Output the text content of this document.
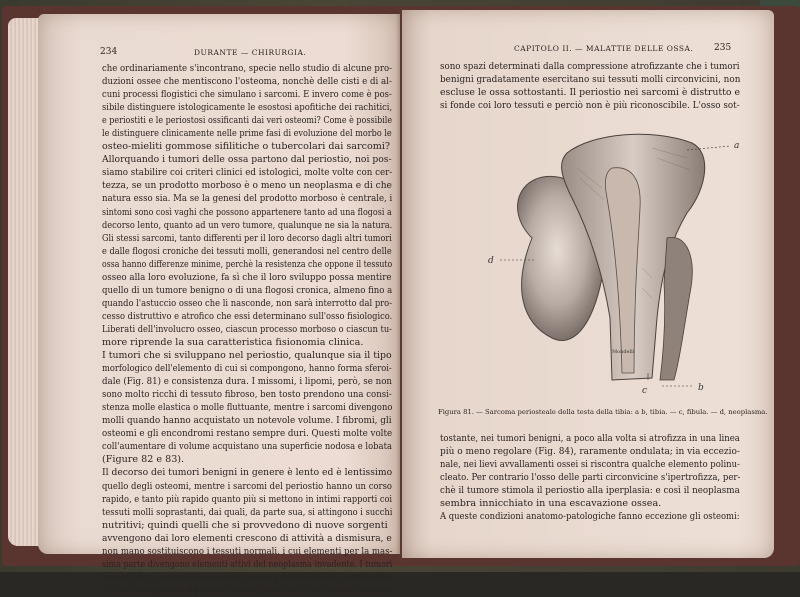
234	DURANTE — CHIRURGIA.
che ordinariamente s'incontrano, specie nello studio di alcune pro-
duzioni ossee che mentiscono l'osteoma, nonchè delle cisti e di al-
cuni processi flogistici che simulano i sarcomi. E invero come è pos-
sibile distinguere istologicamente le esostosi apofitiche dei rachitici,
e periostiti e le periostosi ossificanti dai veri osteomi? Come è possibile
le distinguere clinicamente nelle prime fasi di evoluzione del morbo le
osteo-mieliti gommose sifilitiche o tubercolari dai sarcomi?
Allorquando i tumori delle ossa partono dal periostio, noi pos-
siamo stabilire coi criteri clinici ed istologici, molte volte con cer-
tezza, se un prodotto morboso è o meno un neoplasma e di che
natura esso sia. Ma se la genesi del prodotto morboso è centrale, i
sintomi sono così vaghi che possono appartenere tanto ad una flogosi a
decorso lento, quanto ad un vero tumore, qualunque ne sia la natura.
Gli stessi sarcomi, tanto differenti per il loro decorso dagli altri tumori
e dalle flogosi croniche dei tessuti molli, generandosi nel centro delle
ossa hanno differenze minime, perchè la resistenza che oppone il tessuto
osseo alla loro evoluzione, fa sì che il loro sviluppo possa mentire
quello di un tumore benigno o di una flogosi cronica, almeno fino a
quando l'astuccio osseo che li nasconde, non sarà interrotto dal pro-
cesso distruttivo e atrofico che essi determinano sull'osso fisiologico.
Liberati dell'involucro osseo, ciascun processo morboso o ciascun tu-
more riprende la sua caratteristica fisionomia clinica.
I tumori che si sviluppano nel periostio, qualunque sia il tipo
morfologico dell'elemento di cui si compongono, hanno forma sferoi-
dale (Fig. 81) e consistenza dura. I missomi, i lipomi, però, se non
sono molto ricchi di tessuto fibroso, ben tosto prendono una consi-
stenza molle elastica o molle fluttuante, mentre i sarcomi divengono
molli quando hanno acquistato un notevole volume. I fibromi, gli
osteomi e gli encondromi restano sempre duri. Questi molte volte
coll'aumentare di volume acquistano una superficie nodosa e lobata
(Figure 82 e 83).
Il decorso dei tumori benigni in genere è lento ed è lentissimo
quello degli osteomi, mentre i sarcomi del periostio hanno un corso
rapido, e tanto più rapido quanto più si mettono in intimi rapporti coi
tessuti molli soprastanti, dai quali, da parte sua, si attingono i succhi
nutritivi; quindi quelli che si provvedono di nuove sorgenti
avvengono dai loro elementi crescono di attività a dismisura, e
non mano sostituiscono i tessuti normali, i cui elementi per la mas-
sima parte divengono elementi attivi del neoplasma invadente. I tumori
benigni per contrario rimangono sempre perfettamente circoscritti
e quasi incapsulati da vaste lacune linfatiche, che ordinariamente
CAPITOLO II. — MALATTIE DELLE OSSA. 235
sono spazi determinati dalla compressione atrofizzante che i tumori
benigni gradatamente esercitano sui tessuti molli circonvicini, non
escluse le ossa sottostanti. Il periostio nei sarcomi è distrutto e
si fonde coi loro tessuti e perciò non è più riconoscibile. L'osso sot-
a
d
c	b
Mondelli
Figura 81. — Sarcoma periosteale della testa della tibia: a b, tibia. — c, fibula. — d, neoplasma.
tostante, nei tumori benigni, a poco alla volta si atrofizza in una linea
più o meno regolare (Fig. 84), raramente ondulata; in via eccezio-
nale, nei lievi avvallamenti ossei si riscontra qualche elemento polinu-
cleato. Per contrario l'osso delle parti circonvicine s'ipertrofizza, per-
chè il tumore stimola il periostio alla iperplasia: e così il neoplasma
sembra innicchiato in una escavazione ossea.
A queste condizioni anatomo-patologiche fanno eccezione gli osteomi:
